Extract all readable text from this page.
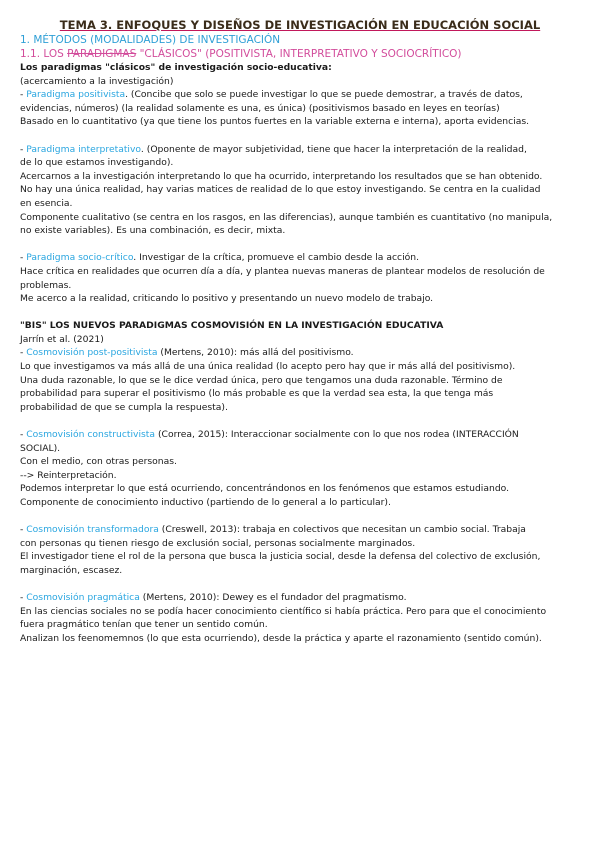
TEMA 3. ENFOQUES Y DISEÑOS DE INVESTIGACIÓN EN EDUCACIÓN SOCIAL
1. MÉTODOS (MODALIDADES) DE INVESTIGACIÓN
1.1. LOS PARADIGMAS "CLÁSICOS" (POSITIVISTA, INTERPRETATIVO Y SOCIOCRÍTICO)

Los paradigmas "clásicos" de investigación socio-educativa:

(acercamiento a la investigación)

- Paradigma positivista. (Concibe que solo se puede investigar lo que se puede demostrar, a través de datos,

evidencias, números) (la realidad solamente es una, es única) (positivismos basado en leyes en teorías)

Basado en lo cuantitativo (ya que tiene los puntos fuertes en la variable externa e interna), aporta evidencias.

- Paradigma interpretativo. (Oponente de mayor subjetividad, tiene que hacer la interpretación de la realidad,

de lo que estamos investigando).

Acercarnos a la investigación interpretando lo que ha ocurrido, interpretando los resultados que se han obtenido.

No hay una única realidad, hay varias matices de realidad de lo que estoy investigando. Se centra en la cualidad

en esencia.

Componente cualitativo (se centra en los rasgos, en las diferencias), aunque también es cuantitativo (no manipula,

no existe variables). Es una combinación, es decir, mixta.

- Paradigma socio-crítico. Investigar de la crítica, promueve el cambio desde la acción.

Hace crítica en realidades que ocurren día a día, y plantea nuevas maneras de plantear modelos de resolución de

problemas.

Me acerco a la realidad, criticando lo positivo y presentando un nuevo modelo de trabajo.

"BIS" LOS NUEVOS PARADIGMAS COSMOVISIÓN EN LA INVESTIGACIÓN EDUCATIVA

Jarrín et al. (2021)

- Cosmovisión post-positivista (Mertens, 2010): más allá del positivismo.

Lo que investigamos va más allá de una única realidad (lo acepto pero hay que ir más allá del positivismo).

Una duda razonable, lo que se le dice verdad única, pero que tengamos una duda razonable. Término de

probabilidad para superar el positivismo (lo más probable es que la verdad sea esta, la que tenga más

probabilidad de que se cumpla la respuesta).

- Cosmovisión constructivista (Correa, 2015): Interaccionar socialmente con lo que nos rodea (INTERACCIÓN

SOCIAL).

Con el medio, con otras personas.

--> Reinterpretación.

Podemos interpretar lo que está ocurriendo, concentrándonos en los fenómenos que estamos estudiando.

Componente de conocimiento inductivo (partiendo de lo general a lo particular).

- Cosmovisión transformadora (Creswell, 2013): trabaja en colectivos que necesitan un cambio social. Trabaja

con personas qu tienen riesgo de exclusión social, personas socialmente marginados.

El investigador tiene el rol de la persona que busca la justicia social, desde la defensa del colectivo de exclusión,

marginación, escasez.

- Cosmovisión pragmática (Mertens, 2010): Dewey es el fundador del pragmatismo.

En las ciencias sociales no se podía hacer conocimiento científico si había práctica. Pero para que el conocimiento

fuera pragmático tenían que tener un sentido común.

Analizan los feenomemnos (lo que esta ocurriendo), desde la práctica y aparte el razonamiento (sentido común).
